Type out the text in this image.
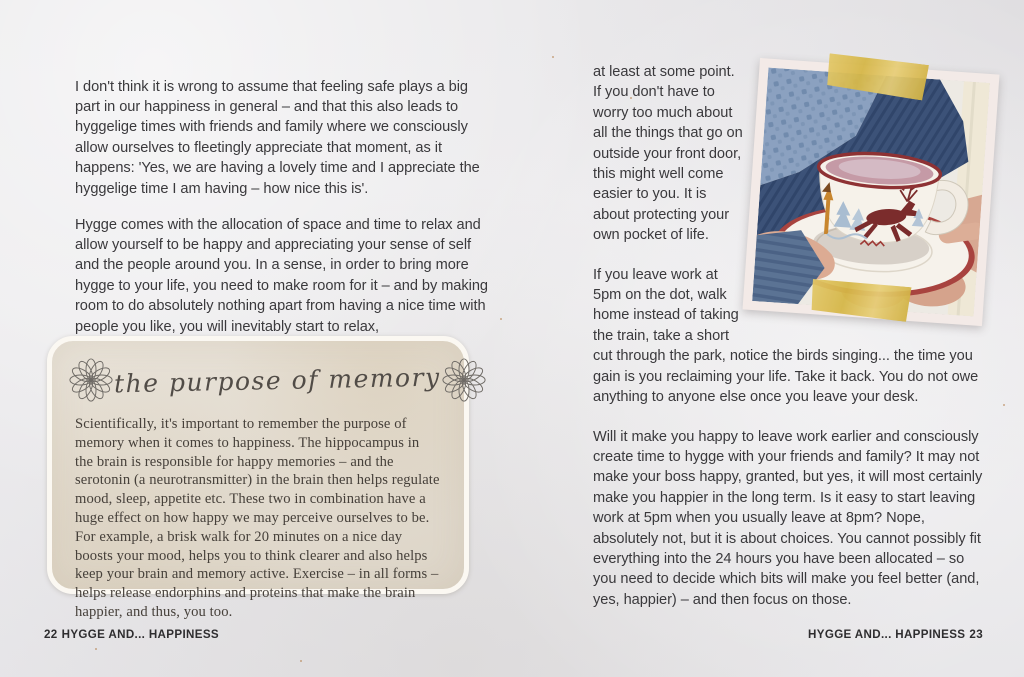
I don't think it is wrong to assume that feeling safe plays a big part in our happiness in general – and that this also leads to hyggelige times with friends and family where we consciously allow ourselves to fleetingly appreciate that moment, as it happens: 'Yes, we are having a lovely time and I appreciate the hyggelige time I am having – how nice this is'.

Hygge comes with the allocation of space and time to relax and allow yourself to be happy and appreciating your sense of self and the people around you. In a sense, in order to bring more hygge to your life, you need to make room for it – and by making room to do absolutely nothing apart from having a nice time with people you like, you will inevitably start to relax,

the purpose of memory
Scientifically, it's important to remember the purpose of memory when it comes to happiness. The hippocampus in the brain is responsible for happy memories – and the serotonin (a neurotransmitter) in the brain then helps regulate mood, sleep, appetite etc. These two in combination have a huge effect on how happy we may perceive ourselves to be. For example, a brisk walk for 20 minutes on a nice day boosts your mood, helps you to think clearer and also helps keep your brain and memory active. Exercise – in all forms – helps release endorphins and proteins that make the brain happier, and thus, you too.
22 HYGGE AND... HAPPINESS

at least at some point. If you don't have to worry too much about all the things that go on outside your front door, this might well come easier to you. It is about protecting your own pocket of life.

If you leave work at 5pm on the dot, walk home instead of taking the train, take a short cut through the park, notice the birds singing... the time you gain is you reclaiming your life. Take it back. You do not owe anything to anyone else once you leave your desk.

Will it make you happy to leave work earlier and consciously create time to hygge with your friends and family? It may not make your boss happy, granted, but yes, it will most certainly make you happier in the long term. Is it easy to start leaving work at 5pm when you usually leave at 8pm? Nope, absolutely not, but it is about choices. You cannot possibly fit everything into the 24 hours you have been allocated – so you need to decide which bits will make you feel better (and, yes, happier) – and then focus on those.

HYGGE AND... HAPPINESS 23
